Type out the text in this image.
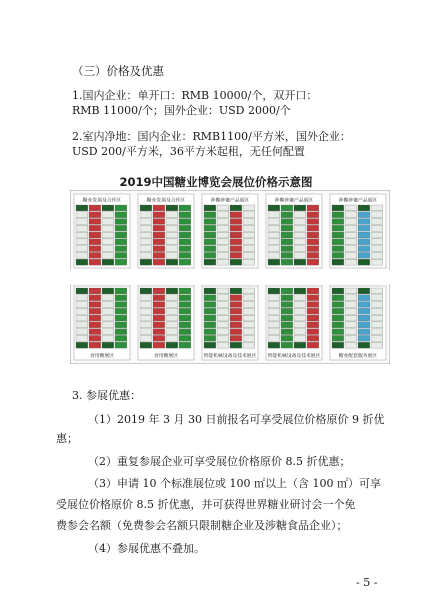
（三）价格及优惠
1.国内企业：单开口：RMB 10000/个，双开口：
RMB 11000/个；国外企业：USD 2000/个
2.室内净地：国内企业：RMB1100/平方米，国外企业：
USD 200/平方米，36平方米起租，无任何配置
2019中国糖业博览会展位价格示意图
糖业发展及合作区	糖业发展及合作区	涉糖涉蜜产品展区	涉糖涉蜜产品展区	涉糖涉蜜产品展区
食用糖展区	食用糖展区	智能机械设备及技术展区 智能机械设备及技术展区	糖业配套服务展区
3. 参展优惠：
（1）2019 年 3 月 30 日前报名可享受展位价格原价 9 折优
惠；
（2）重复参展企业可享受展位价格原价 8.5 折优惠；
（3）申请 10 个标准展位或 100 ㎡以上（含 100 ㎡）可享
受展位价格原价 8.5 折优惠，并可获得世界糖业研讨会一个免
费参会名额（免费参会名额只限制糖企业及涉糖食品企业）；
（4）参展优惠不叠加。
- 5 -
